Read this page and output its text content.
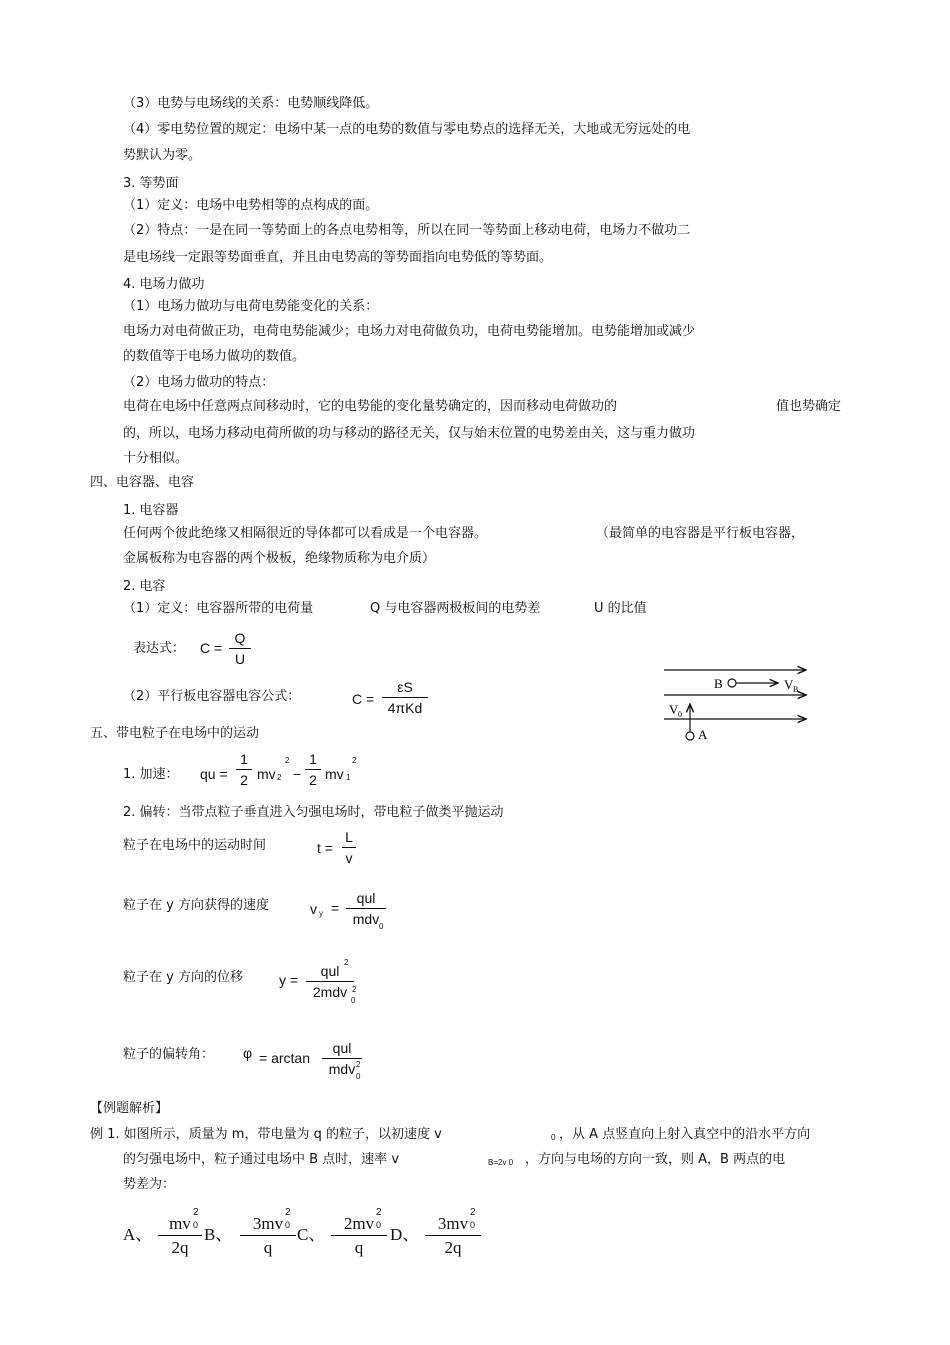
（3）电势与电场线的关系：电势顺线降低。
（4）零电势位置的规定：电场中某一点的电势的数值与零电势点的选择无关，大地或无穷远处的电
势默认为零。
3. 等势面
（1）定义：电场中电势相等的点构成的面。
（2）特点：一是在同一等势面上的各点电势相等，所以在同一等势面上移动电荷，电场力不做功二
是电场线一定跟等势面垂直，并且由电势高的等势面指向电势低的等势面。
4. 电场力做功
（1）电场力做功与电荷电势能变化的关系：
电场力对电荷做正功，电荷电势能减少；电场力对电荷做负功，电荷电势能增加。电势能增加或减少
的数值等于电场力做功的数值。
（2）电场力做功的特点：
电荷在电场中任意两点间移动时，它的电势能的变化量势确定的，因而移动电荷做功的	值也势确定
的，所以，电场力移动电荷所做的功与移动的路径无关，仅与始末位置的电势差由关，这与重力做功
十分相似。
四、电容器、电容
1. 电容器
任何两个彼此绝缘又相隔很近的导体都可以看成是一个电容器。	（最简单的电容器是平行板电容器，
金属板称为电容器的两个极板，绝缘物质称为电介质）
2. 电容
（1）定义：电容器所带的电荷量	Q 与电容器两极板间的电势差	U 的比值
表达式： C =
Q
U
（2）平行板电容器电容公式：	C =
εS
4πKd
B	V B
V 0
A
五、带电粒子在电场中的运动
1. 加速： qu =
1
2 mv 2
2
−
1
2 mv 1
2
2. 偏转：当带点粒子垂直进入匀强电场时，带电粒子做类平抛运动
粒子在电场中的运动时间	t =
L
v
粒子在 y 方向获得的速度	v y =
qul
mdv 0
粒子在 y 方向的位移	y =
qul
2mdv
2
2
0
粒子的偏转角： φ = arctan
qul
mdv 2
0
【例题解析】
例 1. 如图所示，质量为 m，带电量为 q 的粒子，以初速度 v	0 ，从 A 点竖直向上射入真空中的沿水平方向
的匀强电场中，粒子通过电场中 B 点时，速率 v	B=2v 0 ，方向与电场的方向一致，则 A，B 两点的电
势差为：
A、
mv
2q
2
0 B、
3mv
q
2
0 C、
2mv
q
2
0 D、
3mv
2q
2
0
